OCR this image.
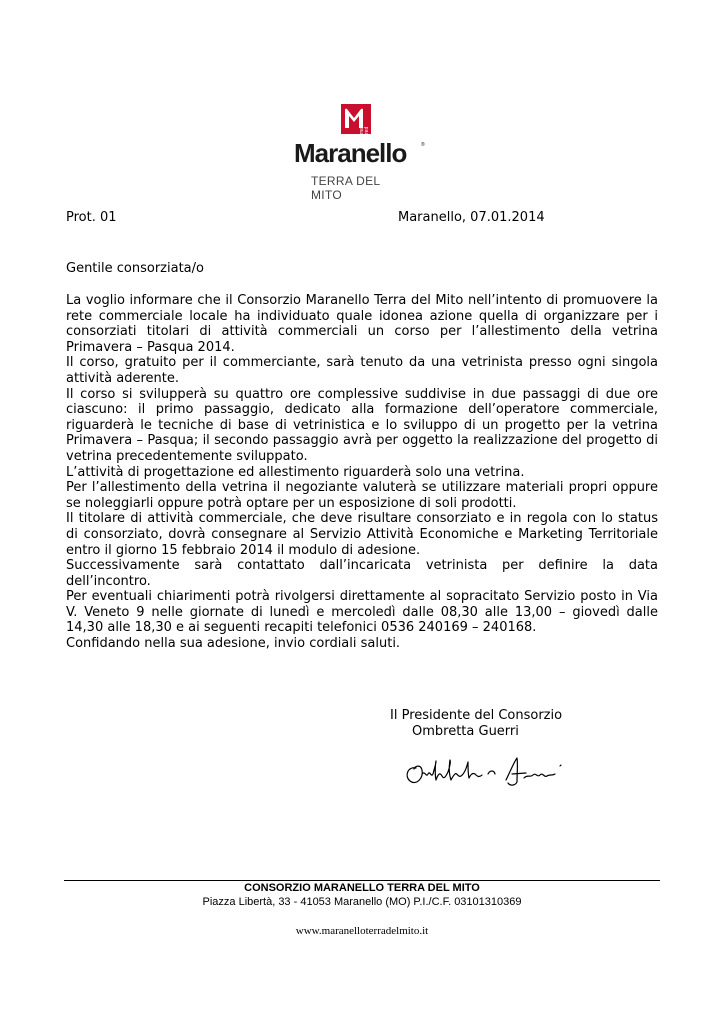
made in red
Maranello	®
TERRA DEL MITO
Prot. 01	Maranello, 07.01.2014
Gentile consorziata/o

La voglio informare che il Consorzio Maranello Terra del Mito nell’intento di promuovere la rete commerciale locale ha individuato quale idonea azione quella di organizzare per i consorziati titolari di attività commerciali un corso per l’allestimento della vetrina Primavera – Pasqua 2014.

Il corso, gratuito per il commerciante, sarà tenuto da una vetrinista presso ogni singola attività aderente.

Il corso si svilupperà su quattro ore complessive suddivise in due passaggi di due ore ciascuno: il primo passaggio, dedicato alla formazione dell’operatore commerciale, riguarderà le tecniche di base di vetrinistica e lo sviluppo di un progetto per la vetrina Primavera – Pasqua; il secondo passaggio avrà per oggetto la realizzazione del progetto di vetrina precedentemente sviluppato.

L’attività di progettazione ed allestimento riguarderà solo una vetrina.

Per l’allestimento della vetrina il negoziante valuterà se utilizzare materiali propri oppure se noleggiarli oppure potrà optare per un esposizione di soli prodotti.

Il titolare di attività commerciale, che deve risultare consorziato e in regola con lo status di consorziato, dovrà consegnare al Servizio Attività Economiche e Marketing Territoriale entro il giorno 15 febbraio 2014 il modulo di adesione.

Successivamente sarà contattato dall’incaricata vetrinista per definire la data dell’incontro.

Per eventuali chiarimenti potrà rivolgersi direttamente al sopracitato Servizio posto in Via V. Veneto 9 nelle giornate di lunedì e mercoledì dalle 08,30 alle 13,00 – giovedì dalle 14,30 alle 18,30 e ai seguenti recapiti telefonici 0536 240169 – 240168.

Confidando nella sua adesione, invio cordiali saluti.

Il Presidente del Consorzio
Ombretta Guerri
CONSORZIO MARANELLO TERRA DEL MITO
Piazza Libertà, 33 - 41053 Maranello (MO) P.I./C.F. 03101310369
www.maranelloterradelmito.it
